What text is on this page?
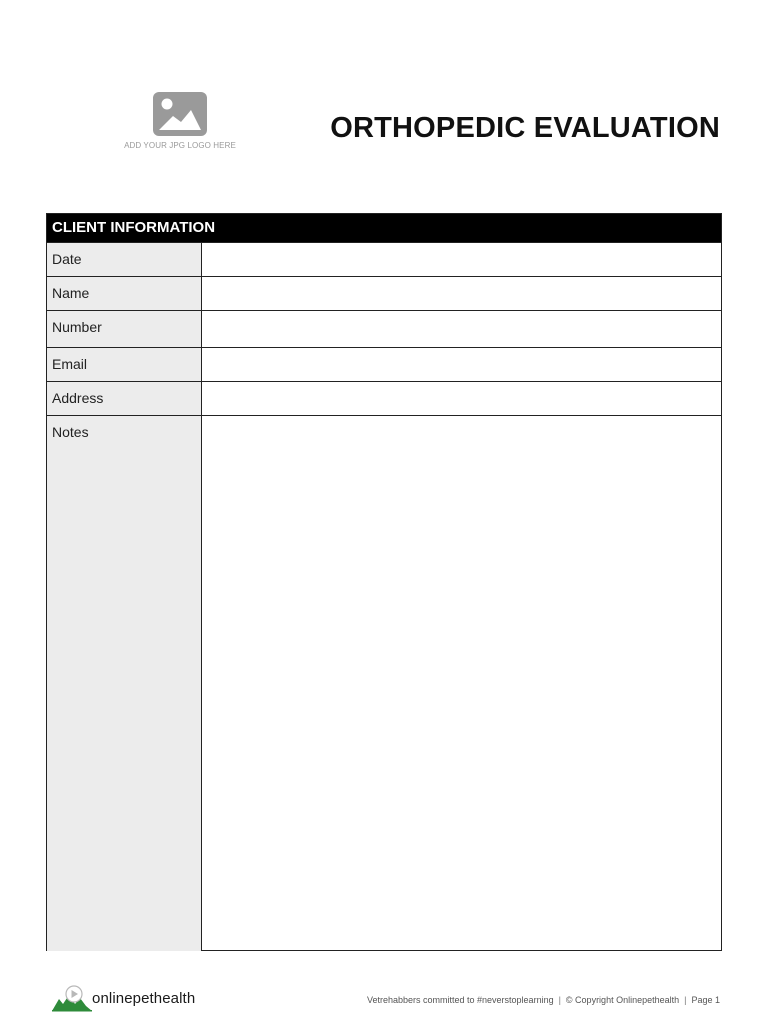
ADD YOUR JPG LOGO HERE
ORTHOPEDIC EVALUATION
CLIENT INFORMATION
Date
Name
Number
Email
Address
Notes
onlinepethealth	Vetrehabbers committed to #neverstoplearning | © Copyright Onlinepethealth | Page 1
